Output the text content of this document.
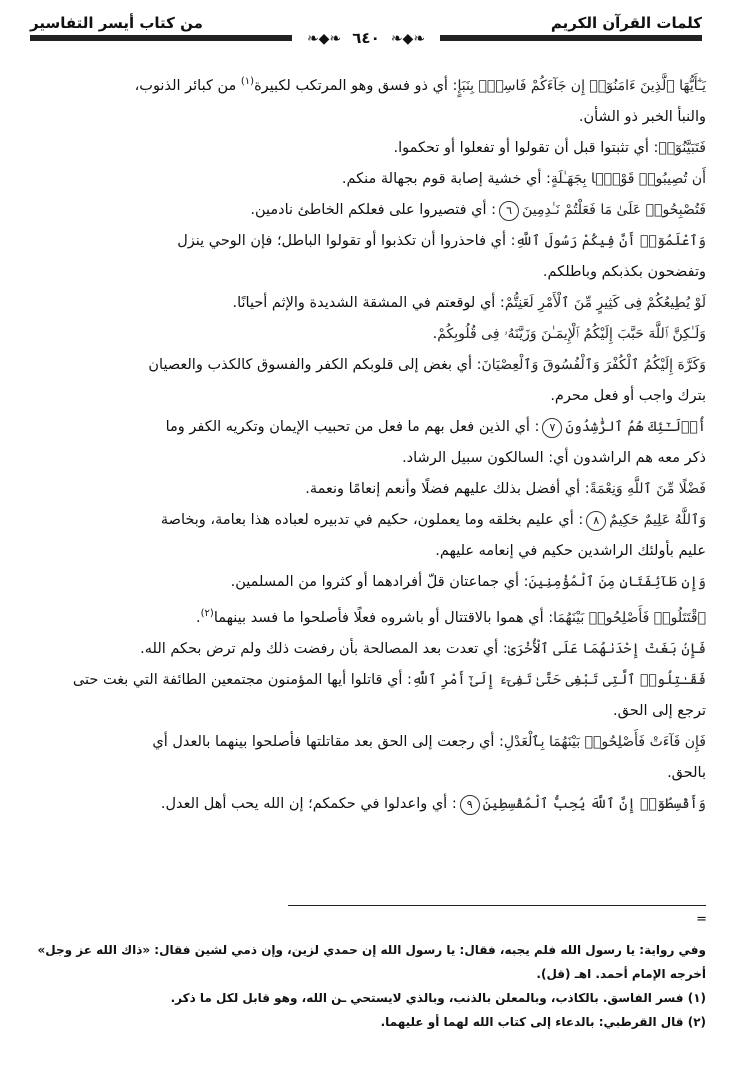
كلمات القرآن الكريم
من كتاب أيسر التفاسير
❧◆❧ ٦٤٠ ❧◆❧
يَـٰٓأَيُّهَا ٱلَّذِينَ ءَامَنُوٓا۟ إِن جَآءَكُمْ فَاسِقٌۢ بِنَبَإٍ: أي ذو فسق وهو المرتكب لكبيرة$^{(١)}$ من كبائر الذنوب،
والنبأ الخبر ذو الشأن.
فَتَبَيَّنُوٓا۟: أي تثبتوا قبل أن تقولوا أو تفعلوا أو تحكموا.
أَن تُصِيبُوا۟ قَوْمًۢا بِجَهَـٰلَةٍ: أي خشية إصابة قوم بجهالة منكم.
فَتُصْبِحُوا۟ عَلَىٰ مَا فَعَلْتُمْ نَـٰدِمِينَ٦: أي فتصيروا على فعلكم الخاطئ نادمين.
وَٱعْلَمُوٓا۟ أَنَّ فِيكُمْ رَسُولَ ٱللَّهِ: أي فاحذروا أن تكذبوا أو تقولوا الباطل؛ فإن الوحي ينزل
وتفضحون بكذبكم وباطلكم.
لَوْ يُطِيعُكُمْ فِى كَثِيرٍ مِّنَ ٱلْأَمْرِ لَعَنِتُّمْ: أي لوقعتم في المشقة الشديدة والإثم أحيانًا.
وَلَـٰكِنَّ ٱللَّهَ حَبَّبَ إِلَيْكُمُ ٱلْإِيمَـٰنَ وَزَيَّنَهُۥ فِى قُلُوبِكُمْ.
وَكَرَّهَ إِلَيْكُمُ ٱلْكُفْرَ وَٱلْفُسُوقَ وَٱلْعِصْيَانَ: أي بغض إلى قلوبكم الكفر والفسوق كالكذب والعصيان
بترك واجب أو فعل محرم.
أُو۟لَـٰٓئِكَ هُمُ ٱلرَّٰشِدُونَ٧: أي الذين فعل بهم ما فعل من تحبيب الإيمان وتكريه الكفر وما
ذكر معه هم الراشدون أي: السالكون سبيل الرشاد.
فَضْلًا مِّنَ ٱللَّهِ وَنِعْمَةً: أي أفضل بذلك عليهم فضلًا وأنعم إنعامًا ونعمة.
وَٱللَّهُ عَلِيمٌ حَكِيمٌ٨: أي عليم بخلقه وما يعملون، حكيم في تدبيره لعباده هذا بعامة، وبخاصة
عليم بأولئك الراشدين حكيم في إنعامه عليهم.
وَإِن طَآئِفَتَانِ مِنَ ٱلْمُؤْمِنِينَ: أي جماعتان قلّ أفرادهما أو كثروا من المسلمين.
ٱقْتَتَلُوا۟ فَأَصْلِحُوا۟ بَيْنَهُمَا: أي هموا بالاقتتال أو باشروه فعلًا فأصلحوا ما فسد بينهما$^{(٢)}$.
فَإِنۢ بَغَتْ إِحْدَىٰهُمَا عَلَى ٱلْأُخْرَىٰ: أي تعدت بعد المصالحة بأن رفضت ذلك ولم ترض بحكم الله.
فَقَـٰتِلُوا۟ ٱلَّتِى تَبْغِى حَتَّىٰ تَفِىٓءَ إِلَىٰٓ أَمْرِ ٱللَّهِ: أي قاتلوا أيها المؤمنون مجتمعين الطائفة التي بغت حتى
ترجع إلى الحق.
فَإِن فَآءَتْ فَأَصْلِحُوا۟ بَيْنَهُمَا بِٱلْعَدْلِ: أي رجعت إلى الحق بعد مقاتلتها فأصلحوا بينهما بالعدل أي
بالحق.
وَأَقْسِطُوٓا۟ إِنَّ ٱللَّهَ يُحِبُّ ٱلْمُقْسِطِينَ٩: أي واعدلوا في حكمكم؛ إن الله يحب أهل العدل.
=
وفي رواية: يا رسول الله فلم يجبه، فقال: يا رسول الله إن حمدي لزين، وإن ذمي لشين فقال: «ذاك الله عز وجل»
أخرجه الإمام أحمد. اهـ (قل).
(١) فسر الفاسق. بالكاذب، وبالمعلن بالذنب، وبالذي لايستحي ـن الله، وهو قابل لكل ما ذكر.
(٢) قال القرطبي: بالدعاء إلى كتاب الله لهما أو عليهما.
